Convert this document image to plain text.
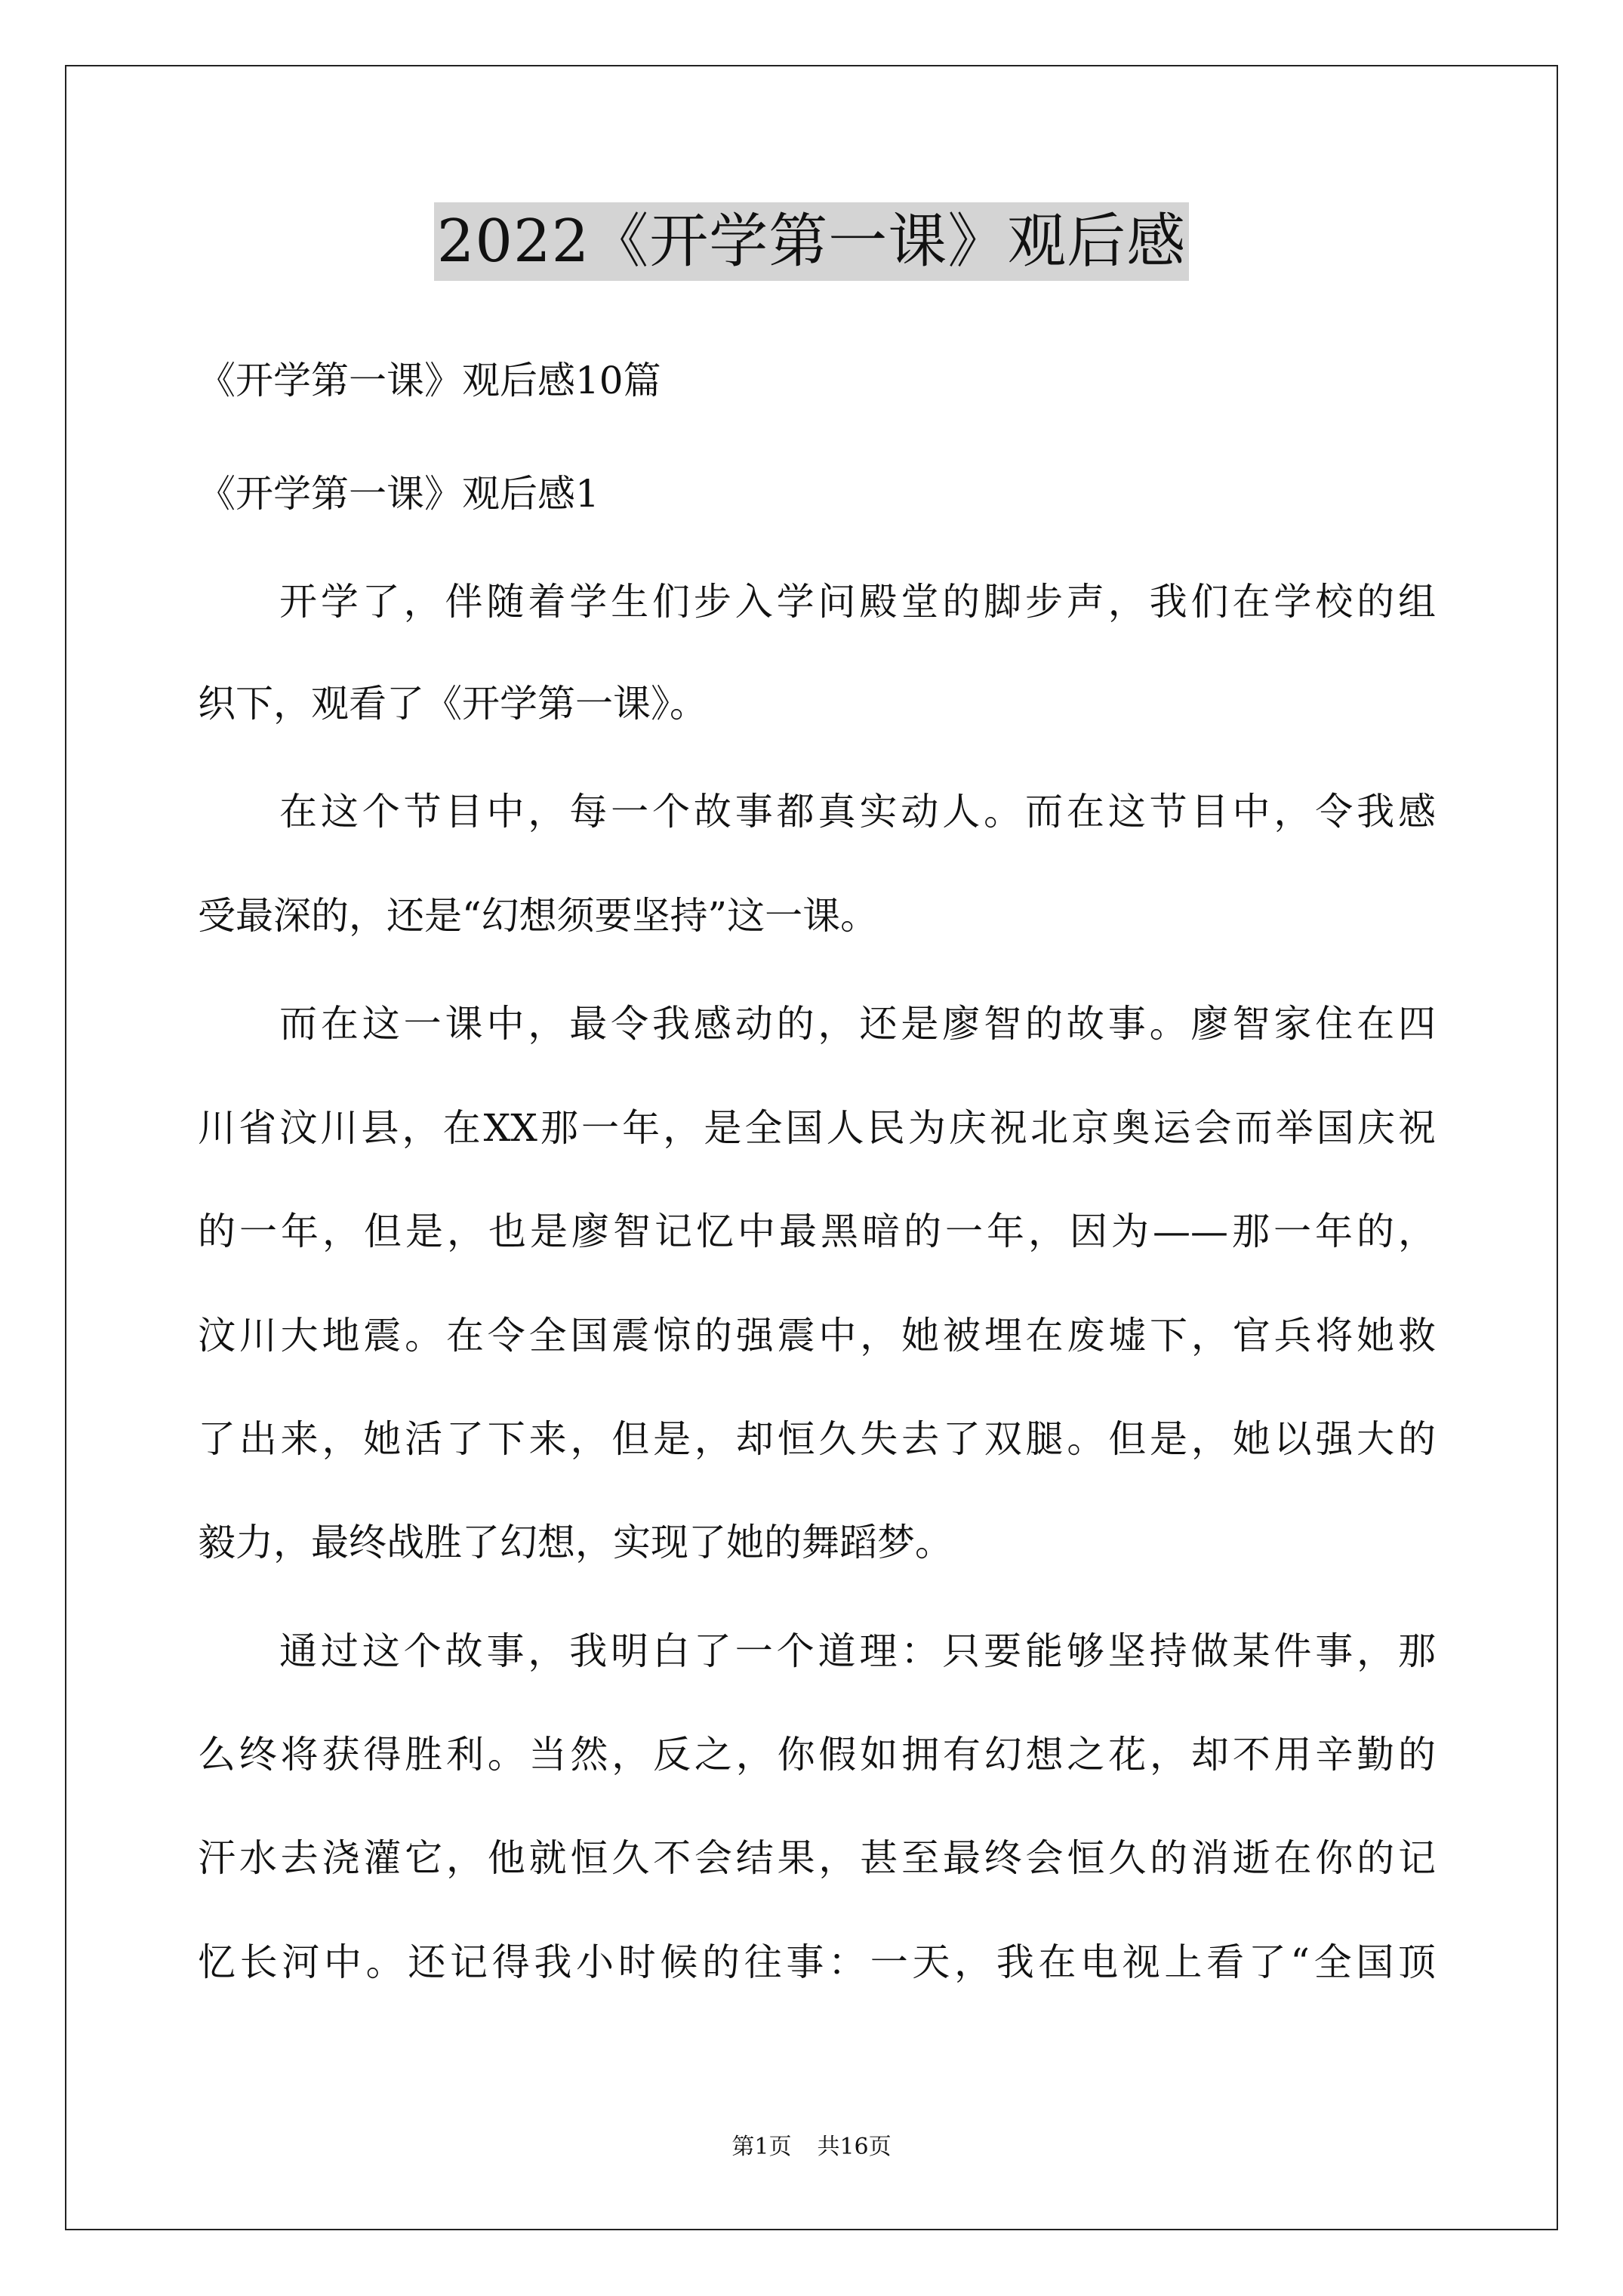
2022《开学第一课》观后感
《开学第一课》观后感10篇
《开学第一课》观后感1
开学了，伴随着学生们步入学问殿堂的脚步声，我们在学校的组
织下，观看了《开学第一课》。
在这个节目中，每一个故事都真实动人。而在这节目中，令我感
受最深的，还是“幻想须要坚持”这一课。
而在这一课中，最令我感动的，还是廖智的故事。廖智家住在四
川省汶川县，在XX那一年，是全国人民为庆祝北京奥运会而举国庆祝
的一年，但是，也是廖智记忆中最黑暗的一年，因为——那一年的，
汶川大地震。在令全国震惊的强震中，她被埋在废墟下，官兵将她救
了出来，她活了下来，但是，却恒久失去了双腿。但是，她以强大的
毅力，最终战胜了幻想，实现了她的舞蹈梦。
通过这个故事，我明白了一个道理：只要能够坚持做某件事，那
么终将获得胜利。当然，反之，你假如拥有幻想之花，却不用辛勤的
汗水去浇灌它，他就恒久不会结果，甚至最终会恒久的消逝在你的记
忆长河中。还记得我小时候的往事：一天，我在电视上看了“全国顶
第1页 共16页
